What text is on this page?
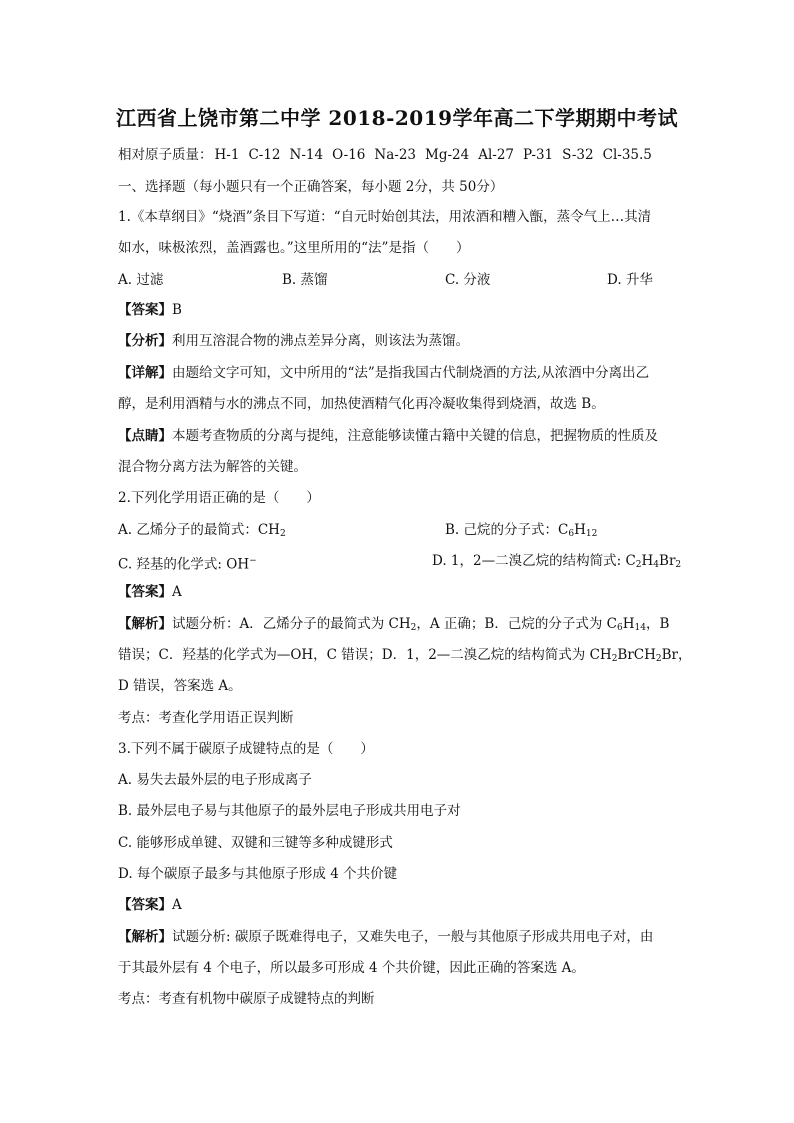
江西省上饶市第二中学 2018-2019学年高二下学期期中考试
相对原子质量： H-1 C-12 N-14 O-16 Na-23 Mg-24 Al-27 P-31 S-32 Cl-35.5
一、选择题（每小题只有一个正确答案，每小题 2分，共 50分）
1.《本草纲目》“烧酒”条目下写道：“自元时始创其法，用浓酒和糟入甑，蒸令气上…其清
如水，味极浓烈，盖酒露也。”这里所用的“法”是指（　　）
A. 过滤	B. 蒸馏	C. 分液	D. 升华
【答案】B
【分析】利用互溶混合物的沸点差异分离，则该法为蒸馏。
【详解】由题给文字可知，文中所用的“法”是指我国古代制烧酒的方法,从浓酒中分离出乙
醇，是利用酒精与水的沸点不同，加热使酒精气化再冷凝收集得到烧酒，故选 B。
【点睛】本题考查物质的分离与提纯，注意能够读懂古籍中关键的信息，把握物质的性质及
混合物分离方法为解答的关键。
2.下列化学用语正确的是（　　）
A. 乙烯分子的最简式：$CH_2$	B. 己烷的分子式：$C_6H_{12}$
C. 羟基的化学式: OH−	D. 1，2—二溴乙烷的结构简式: $C_2H_4Br_2$
【答案】A
【解析】试题分析：A．乙烯分子的最简式为 $CH_2$，A 正确；B．己烷的分子式为 $C_6H_{14}$，B
错误；C．羟基的化学式为—OH，C 错误；D．1，2—二溴乙烷的结构简式为 $CH_2BrCH_2Br$，
D 错误，答案选 A。
考点：考查化学用语正误判断
3.下列不属于碳原子成键特点的是（　　）
A. 易失去最外层的电子形成离子
B. 最外层电子易与其他原子的最外层电子形成共用电子对
C. 能够形成单键、双键和三键等多种成键形式
D. 每个碳原子最多与其他原子形成 4 个共价键
【答案】A
【解析】试题分析: 碳原子既难得电子，又难失电子，一般与其他原子形成共用电子对，由
于其最外层有 4 个电子，所以最多可形成 4 个共价键，因此正确的答案选 A。
考点：考查有机物中碳原子成键特点的判断
